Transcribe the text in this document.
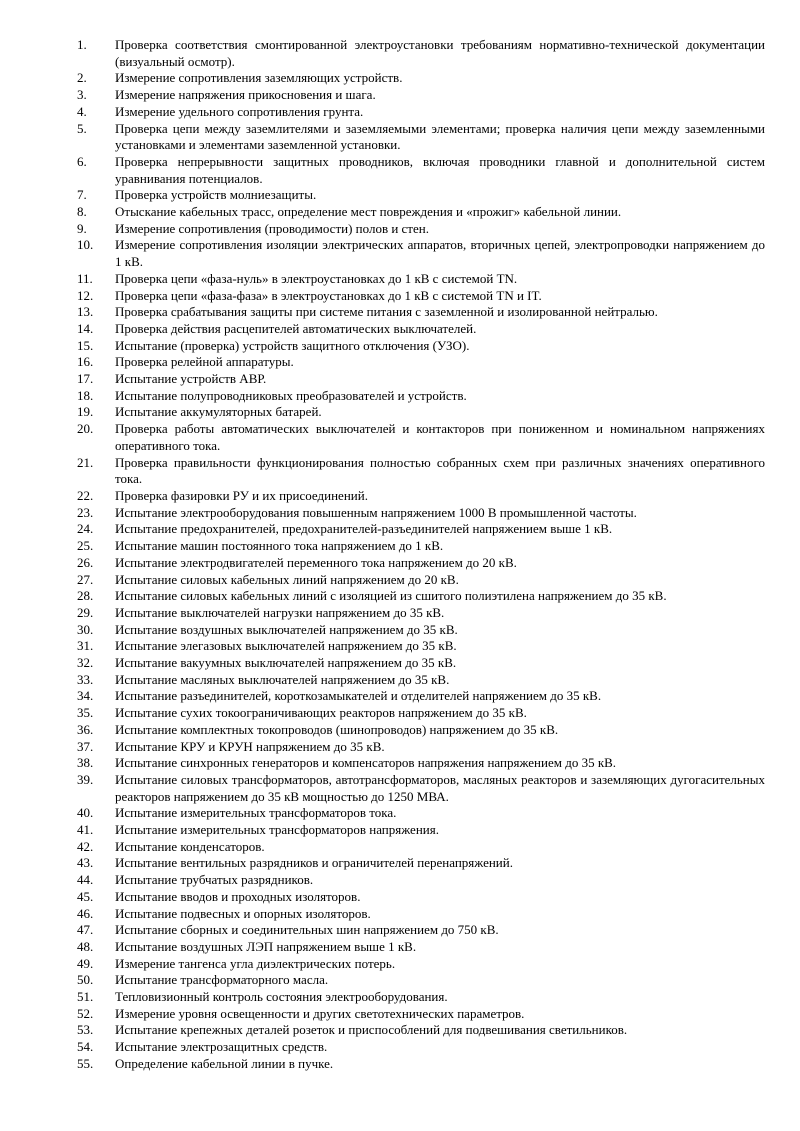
1.	Проверка соответствия смонтированной электроустановки требованиям нормативно-технической документации (визуальный осмотр).
2.	Измерение сопротивления заземляющих устройств.
3.	Измерение напряжения прикосновения и шага.
4.	Измерение удельного сопротивления грунта.
5.	Проверка цепи между заземлителями и заземляемыми элементами; проверка наличия цепи между заземленными установками и элементами заземленной установки.
6.	Проверка непрерывности защитных проводников, включая проводники главной и дополнительной систем уравнивания потенциалов.
7.	Проверка устройств молниезащиты.
8.	Отыскание кабельных трасс, определение мест повреждения и «прожиг» кабельной линии.
9.	Измерение сопротивления (проводимости) полов и стен.
10.	Измерение сопротивления изоляции электрических аппаратов, вторичных цепей, электропроводки напряжением до 1 кВ.
11.	Проверка цепи «фаза-нуль» в электроустановках до 1 кВ с системой TN.
12.	Проверка цепи «фаза-фаза» в электроустановках до 1 кВ с системой TN и IT.
13.	Проверка срабатывания защиты при системе питания с заземленной и изолированной нейтралью.
14.	Проверка действия расцепителей автоматических выключателей.
15.	Испытание (проверка) устройств защитного отключения (УЗО).
16.	Проверка релейной аппаратуры.
17.	Испытание устройств АВР.
18.	Испытание полупроводниковых преобразователей и устройств.
19.	Испытание аккумуляторных батарей.
20.	Проверка работы автоматических выключателей и контакторов при пониженном и номинальном напряжениях оперативного тока.
21.	Проверка правильности функционирования полностью собранных схем при различных значениях оперативного тока.
22.	Проверка фазировки РУ и их присоединений.
23.	Испытание электрооборудования повышенным напряжением 1000 В промышленной частоты.
24.	Испытание предохранителей, предохранителей-разъединителей напряжением выше 1 кВ.
25.	Испытание машин постоянного тока напряжением до 1 кВ.
26.	Испытание электродвигателей переменного тока напряжением до 20 кВ.
27.	Испытание силовых кабельных линий напряжением до 20 кВ.
28.	Испытание силовых кабельных линий с изоляцией из сшитого полиэтилена напряжением до 35 кВ.
29.	Испытание выключателей нагрузки напряжением до 35 кВ.
30.	Испытание воздушных выключателей напряжением до 35 кВ.
31.	Испытание элегазовых выключателей напряжением до 35 кВ.
32.	Испытание вакуумных выключателей напряжением до 35 кВ.
33.	Испытание масляных выключателей напряжением до 35 кВ.
34.	Испытание разъединителей, короткозамыкателей и отделителей напряжением до 35 кВ.
35.	Испытание сухих токоограничивающих реакторов напряжением до 35 кВ.
36.	Испытание комплектных токопроводов (шинопроводов) напряжением до 35 кВ.
37.	Испытание КРУ и КРУН напряжением до 35 кВ.
38.	Испытание синхронных генераторов и компенсаторов напряжения напряжением до 35 кВ.
39.	Испытание силовых трансформаторов, автотрансформаторов, масляных реакторов и заземляющих дугогасительных реакторов напряжением до 35 кВ мощностью до 1250 МВА.
40.	Испытание измерительных трансформаторов тока.
41.	Испытание измерительных трансформаторов напряжения.
42.	Испытание конденсаторов.
43.	Испытание вентильных разрядников и ограничителей перенапряжений.
44.	Испытание трубчатых разрядников.
45.	Испытание вводов и проходных изоляторов.
46.	Испытание подвесных и опорных изоляторов.
47.	Испытание сборных и соединительных шин напряжением до 750 кВ.
48.	Испытание воздушных ЛЭП напряжением выше 1 кВ.
49.	Измерение тангенса угла диэлектрических потерь.
50.	Испытание трансформаторного масла.
51.	Тепловизионный контроль состояния электрооборудования.
52.	Измерение уровня освещенности и других светотехнических параметров.
53.	Испытание крепежных деталей розеток и приспособлений для подвешивания светильников.
54.	Испытание электрозащитных средств.
55.	Определение кабельной линии в пучке.
